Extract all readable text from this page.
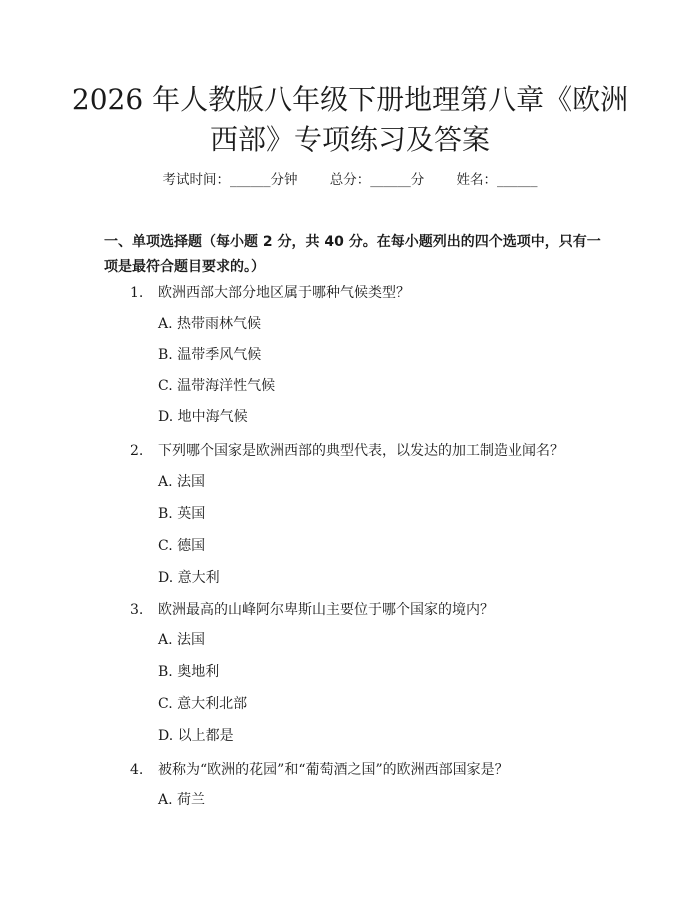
2026 年人教版八年级下册地理第八章《欧洲
西部》专项练习及答案
考试时间：______分钟 总分：______分 姓名：______
一、单项选择题（每小题 2 分，共 40 分。在每小题列出的四个选项中，只有一项是最符合题目要求的。）
1. 欧洲西部大部分地区属于哪种气候类型？
A. 热带雨林气候
B. 温带季风气候
C. 温带海洋性气候
D. 地中海气候
2. 下列哪个国家是欧洲西部的典型代表，以发达的加工制造业闻名？
A. 法国
B. 英国
C. 德国
D. 意大利
3. 欧洲最高的山峰阿尔卑斯山主要位于哪个国家的境内？
A. 法国
B. 奥地利
C. 意大利北部
D. 以上都是
4. 被称为“欧洲的花园”和“葡萄酒之国”的欧洲西部国家是？
A. 荷兰
